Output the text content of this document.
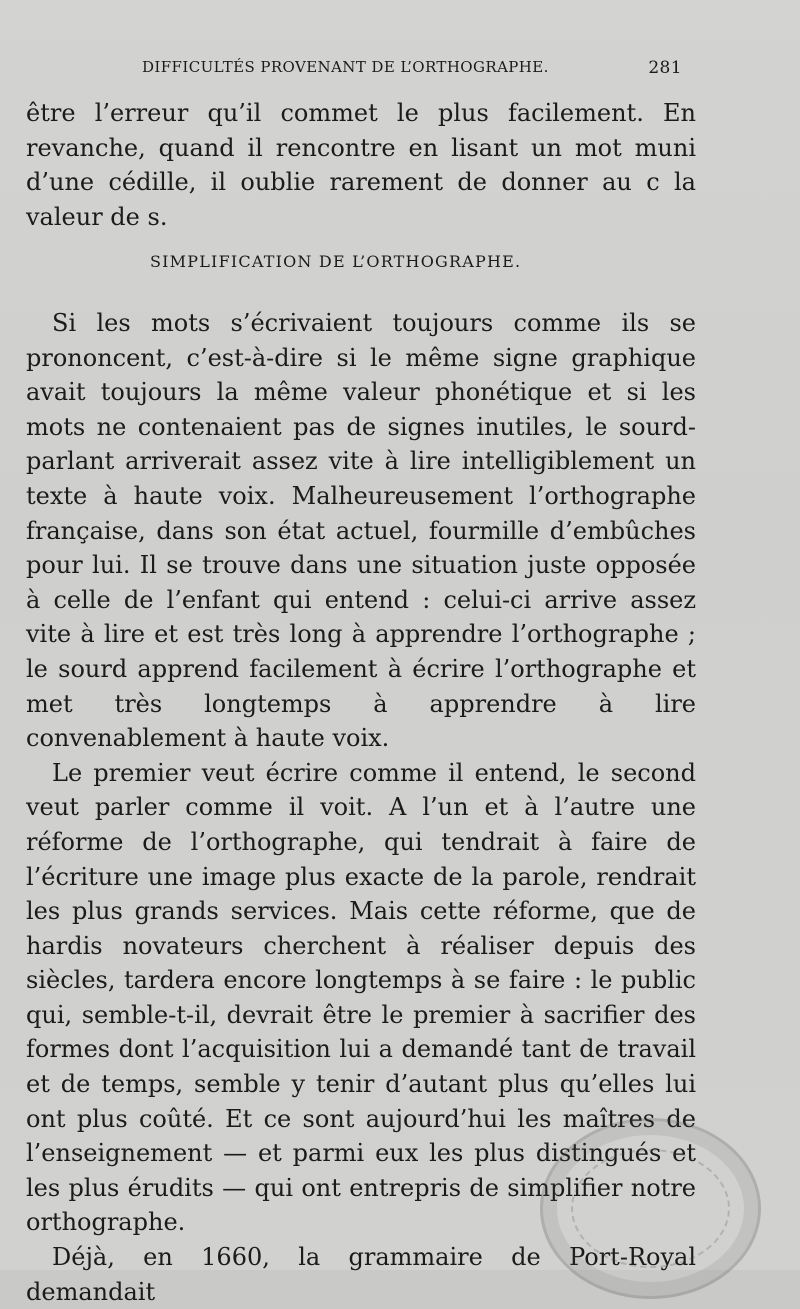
DIFFICULTÉS PROVENANT DE L’ORTHOGRAPHE.	281

être l’erreur qu’il commet le plus facilement. En revanche, quand il rencontre en lisant un mot muni d’une cédille, il oublie rarement de donner au c la valeur de s.

SIMPLIFICATION DE L’ORTHOGRAPHE.

Si les mots s’écrivaient toujours comme ils se prononcent, c’est-à-dire si le même signe graphique avait toujours la même valeur phonétique et si les mots ne contenaient pas de signes inutiles, le sourd-parlant arriverait assez vite à lire intelligiblement un texte à haute voix. Malheureusement l’orthographe française, dans son état actuel, fourmille d’embûches pour lui. Il se trouve dans une situation juste opposée à celle de l’enfant qui entend : celui-ci arrive assez vite à lire et est très long à apprendre l’orthographe ; le sourd apprend facilement à écrire l’orthographe et met très longtemps à apprendre à lire convenablement à haute voix.

Le premier veut écrire comme il entend, le second veut parler comme il voit. A l’un et à l’autre une réforme de l’orthographe, qui tendrait à faire de l’écriture une image plus exacte de la parole, rendrait les plus grands services. Mais cette réforme, que de hardis novateurs cherchent à réaliser depuis des siècles, tardera encore longtemps à se faire : le public qui, semble-t-il, devrait être le premier à sacrifier des formes dont l’acquisition lui a demandé tant de travail et de temps, semble y tenir d’autant plus qu’elles lui ont plus coûté. Et ce sont aujourd’hui les maîtres de l’enseignement — et parmi eux les plus distingués et les plus érudits — qui ont entrepris de simplifier notre orthographe.

Déjà, en 1660, la grammaire de Port-Royal demandait
